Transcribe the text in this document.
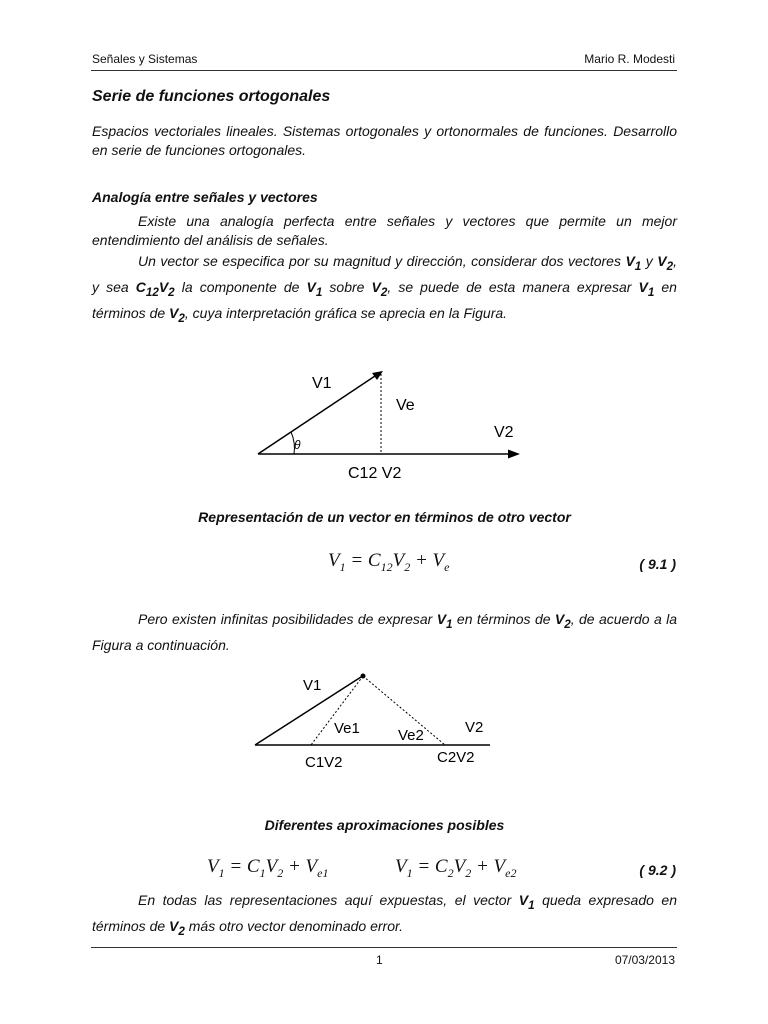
Señales y Sistemas	Mario R. Modesti
Serie de funciones ortogonales
Espacios vectoriales lineales. Sistemas ortogonales y ortonormales de funciones. Desarrollo en serie de funciones ortogonales.
Analogía entre señales y vectores
Existe una analogía perfecta entre señales y vectores que permite un mejor entendimiento del análisis de señales.
Un vector se especifica por su magnitud y dirección, considerar dos vectores $V_1$ y $V_2$, y sea $C_{12}V_2$ la componente de $V_1$ sobre $V_2$, se puede de esta manera expresar $V_1$ en términos de $V_2$, cuya interpretación gráfica se aprecia en la Figura.
V1
Ve
V2
θ
C12 V2
Representación de un vector en términos de otro vector
$V_1 = C_{12}V_2 + V_e$	( 9.1 )
Pero existen infinitas posibilidades de expresar $V_1$ en términos de $V_2$, de acuerdo a la Figura a continuación.
V1
Ve1	Ve2	V2
C1V2	C2V2
Diferentes aproximaciones posibles
$V_1 = C_1V_2 + V_{e1}$	$V_1 = C_2V_2 + V_{e2}$	( 9.2 )
En todas las representaciones aquí expuestas, el vector $V_1$ queda expresado en términos de $V_2$ más otro vector denominado error.
1	07/03/2013
